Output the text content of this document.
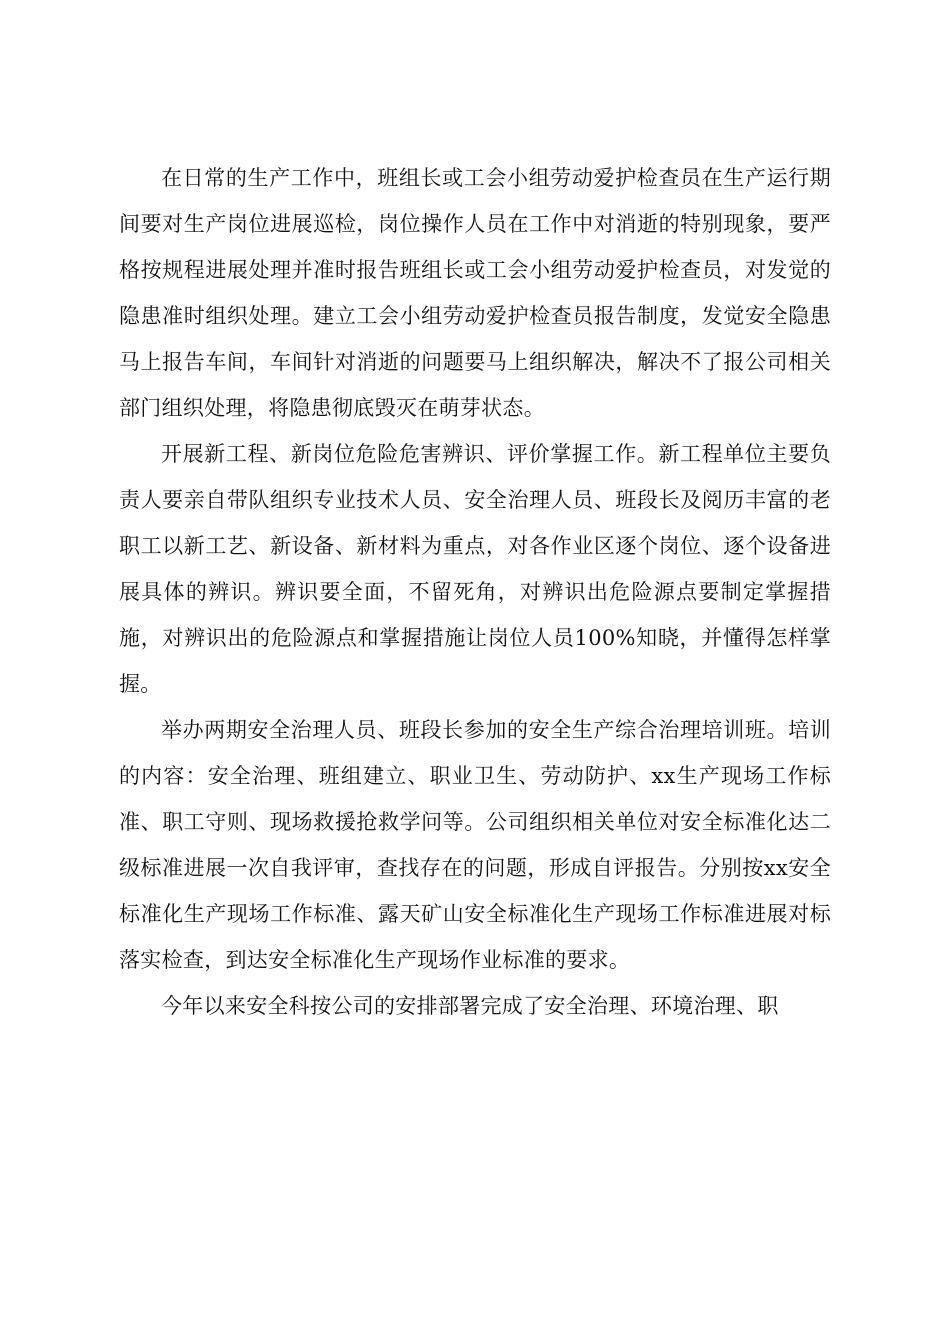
在日常的生产工作中，班组长或工会小组劳动爱护检查员在生产运行期间要对生产岗位进展巡检，岗位操作人员在工作中对消逝的特别现象，要严格按规程进展处理并准时报告班组长或工会小组劳动爱护检查员，对发觉的隐患准时组织处理。建立工会小组劳动爱护检查员报告制度，发觉安全隐患马上报告车间，车间针对消逝的问题要马上组织解决，解决不了报公司相关部门组织处理，将隐患彻底毁灭在萌芽状态。

开展新工程、新岗位危险危害辨识、评价掌握工作。新工程单位主要负责人要亲自带队组织专业技术人员、安全治理人员、班段长及阅历丰富的老职工以新工艺、新设备、新材料为重点，对各作业区逐个岗位、逐个设备进展具体的辨识。辨识要全面，不留死角，对辨识出危险源点要制定掌握措施，对辨识出的危险源点和掌握措施让岗位人员100%知晓，并懂得怎样掌握。

举办两期安全治理人员、班段长参加的安全生产综合治理培训班。培训的内容：安全治理、班组建立、职业卫生、劳动防护、xx生产现场工作标准、职工守则、现场救援抢救学问等。公司组织相关单位对安全标准化达二级标准进展一次自我评审，查找存在的问题，形成自评报告。分别按xx安全标准化生产现场工作标准、露天矿山安全标准化生产现场工作标准进展对标落实检查，到达安全标准化生产现场作业标准的要求。

今年以来安全科按公司的安排部署完成了安全治理、环境治理、职
